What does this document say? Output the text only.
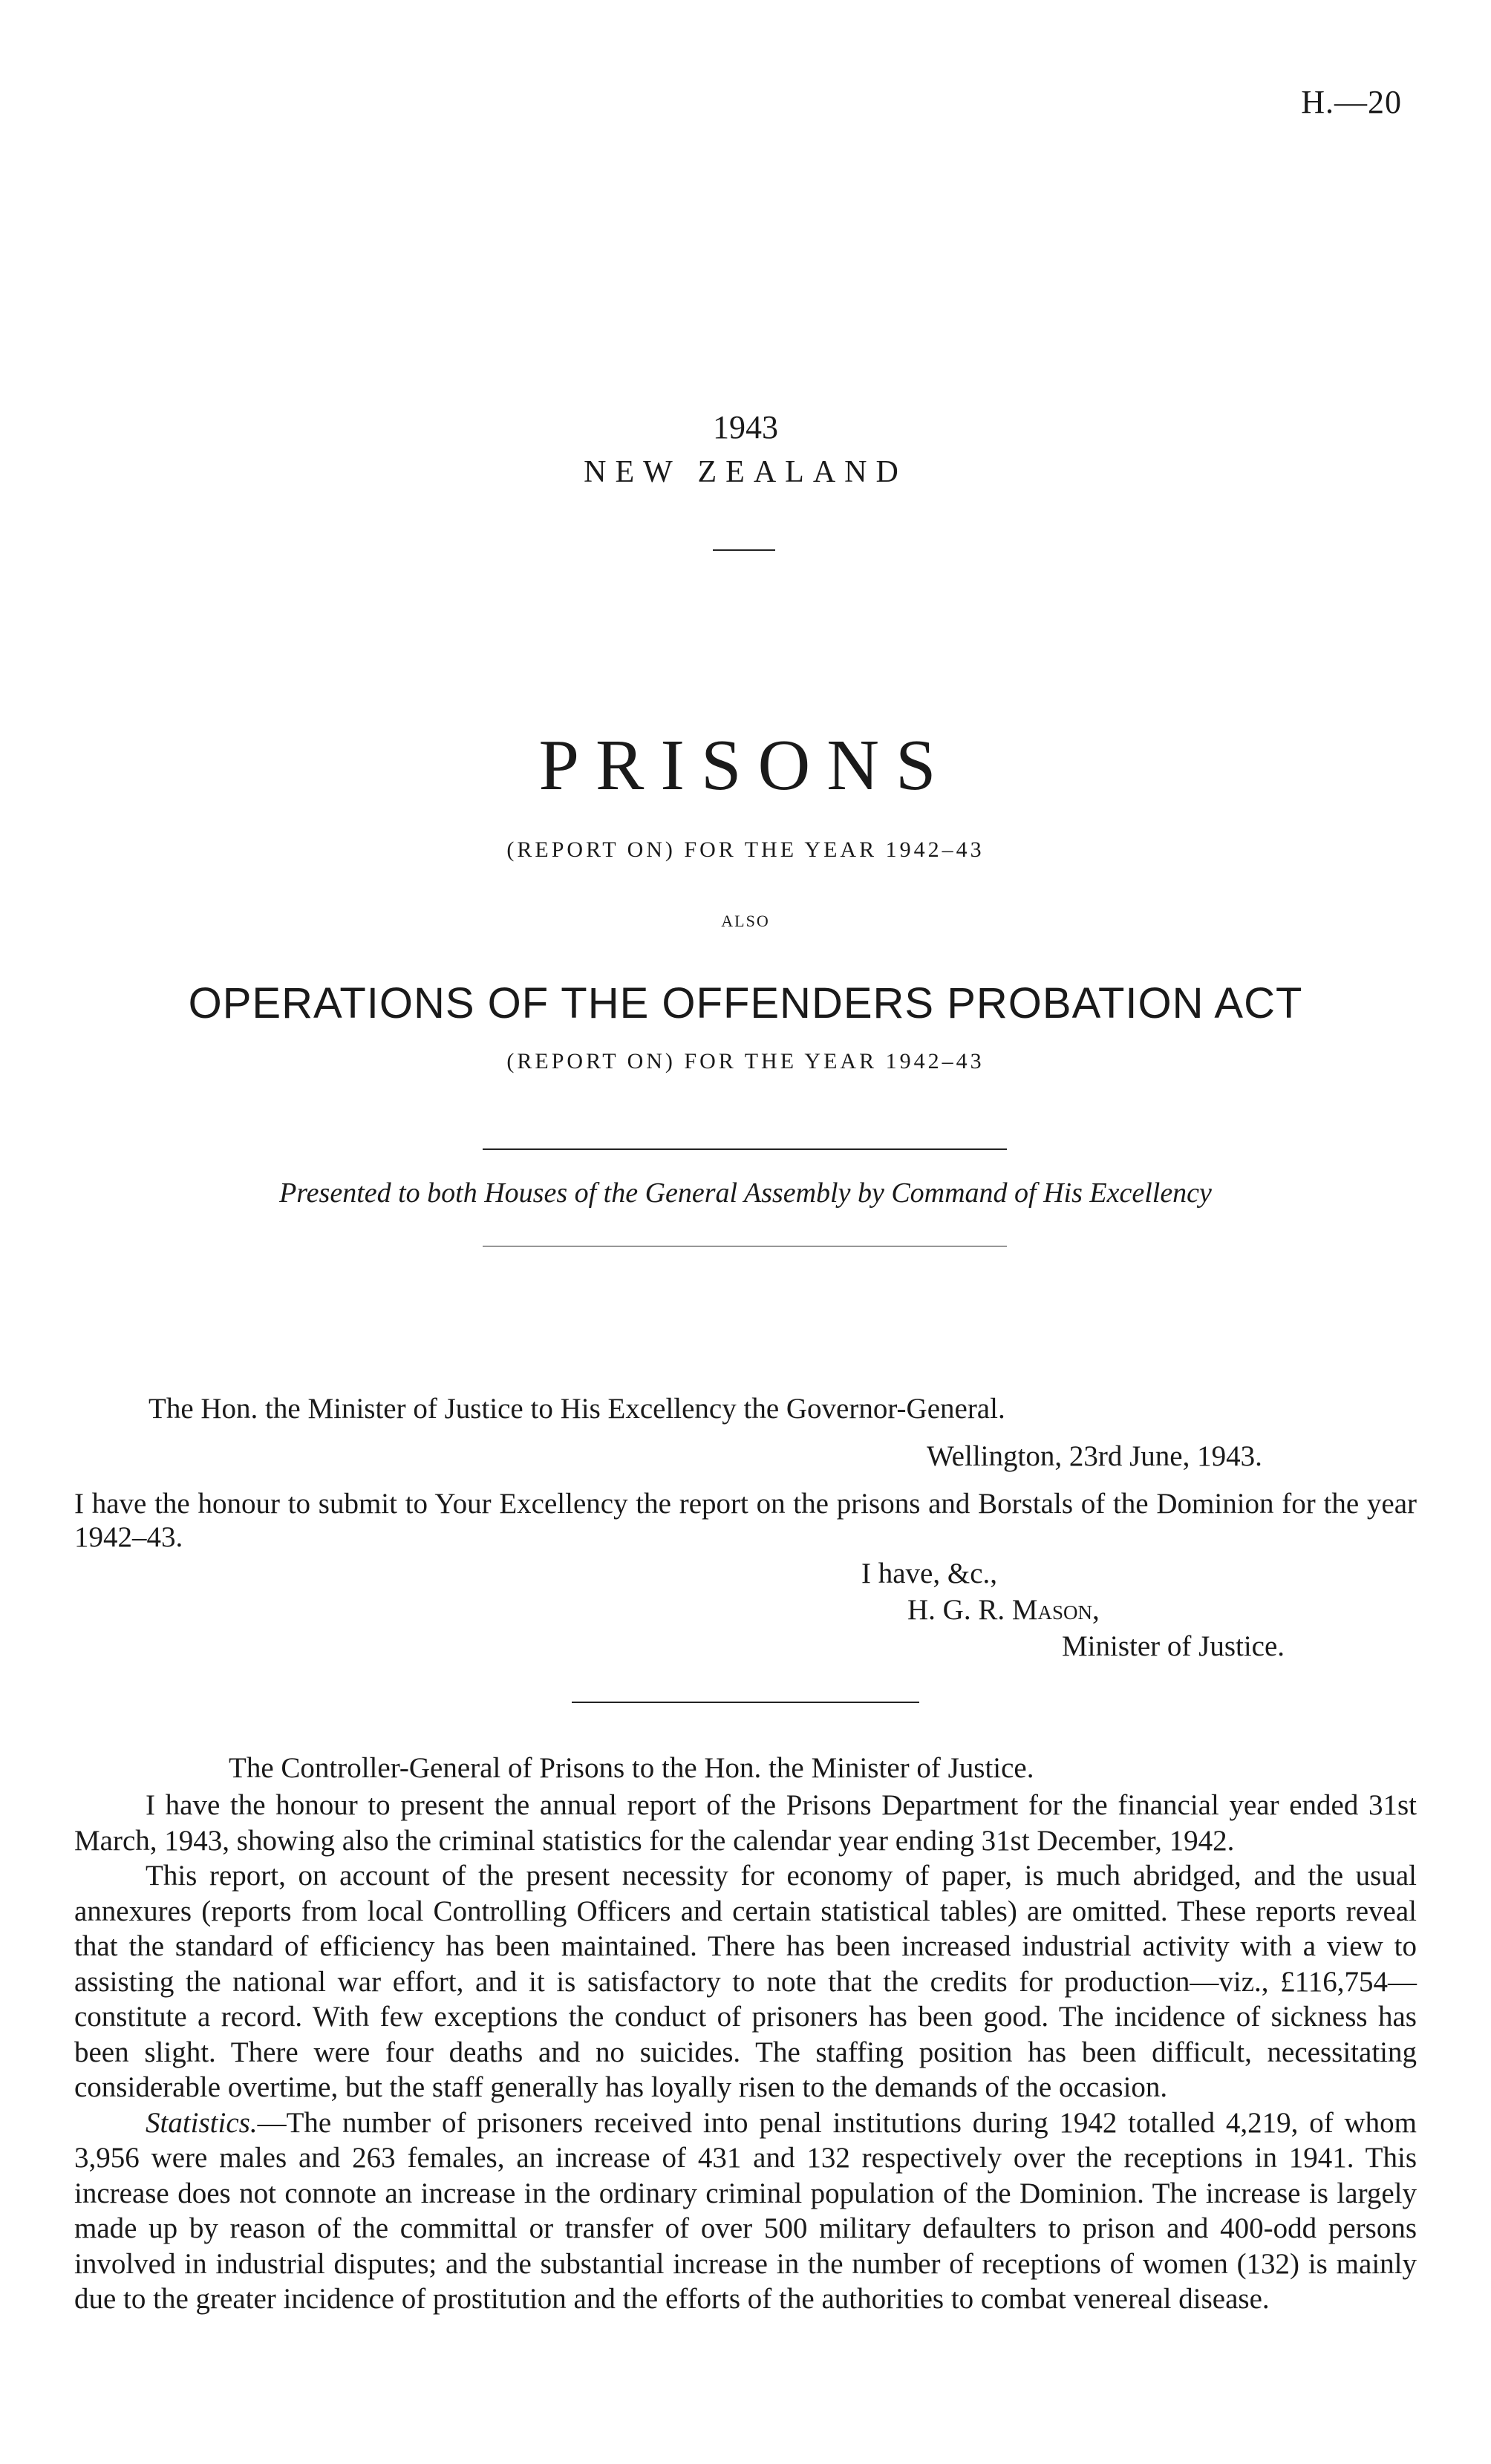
H.—20
1943
NEW ZEALAND
PRISONS
(REPORT ON) FOR THE YEAR 1942–43
ALSO
OPERATIONS OF THE OFFENDERS PROBATION ACT
(REPORT ON) FOR THE YEAR 1942–43
Presented to both Houses of the General Assembly by Command of His Excellency
The Hon. the Minister of Justice to His Excellency the Governor-General.
Wellington, 23rd June, 1943.
I have the honour to submit to Your Excellency the report on the prisons and Borstals of the Dominion for the year 1942–43.
I have, &c.,
H. G. R. Mason,
Minister of Justice.
The Controller-General of Prisons to the Hon. the Minister of Justice.

I have the honour to present the annual report of the Prisons Department for the financial year ended 31st March, 1943, showing also the criminal statistics for the calendar year ending 31st December, 1942.

This report, on account of the present necessity for economy of paper, is much abridged, and the usual annexures (reports from local Controlling Officers and certain statistical tables) are omitted. These reports reveal that the standard of efficiency has been maintained. There has been increased industrial activity with a view to assisting the national war effort, and it is satisfactory to note that the credits for production—viz., £116,754—constitute a record. With few exceptions the conduct of prisoners has been good. The incidence of sickness has been slight. There were four deaths and no suicides. The staffing position has been difficult, necessitating considerable overtime, but the staff generally has loyally risen to the demands of the occasion.

Statistics.—The number of prisoners received into penal institutions during 1942 totalled 4,219, of whom 3,956 were males and 263 females, an increase of 431 and 132 respectively over the receptions in 1941. This increase does not connote an increase in the ordinary criminal population of the Dominion. The increase is largely made up by reason of the committal or transfer of over 500 military defaulters to prison and 400-odd persons involved in industrial disputes; and the substantial increase in the number of receptions of women (132) is mainly due to the greater incidence of prostitution and the efforts of the authorities to combat venereal disease.
